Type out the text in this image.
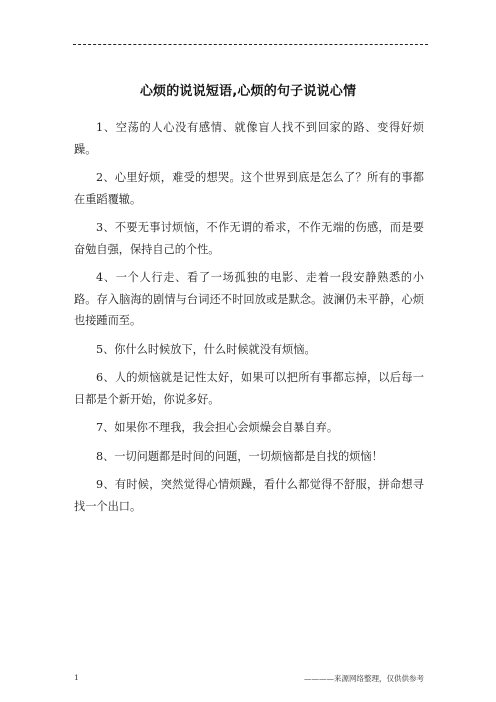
心烦的说说短语,心烦的句子说说心情

1、空荡的人心没有感情、就像盲人找不到回家的路、变得好烦躁。

2、心里好烦，难受的想哭。这个世界到底是怎么了？所有的事都在重蹈覆辙。

3、不要无事讨烦恼，不作无谓的希求，不作无端的伤感，而是要奋勉自强，保持自己的个性。

4、一个人行走、看了一场孤独的电影、走着一段安静熟悉的小路。存入脑海的剧情与台词还不时回放或是默念。波澜仍未平静，心烦也接踵而至。

5、你什么时候放下，什么时候就没有烦恼。

6、人的烦恼就是记性太好，如果可以把所有事都忘掉，以后每一日都是个新开始，你说多好。

7、如果你不理我，我会担心会烦燥会自暴自弃。

8、一切问题都是时间的问题，一切烦恼都是自找的烦恼！

9、有时候，突然觉得心情烦躁，看什么都觉得不舒服，拼命想寻找一个出口。

1	————来源网络整理，仅供供参考
